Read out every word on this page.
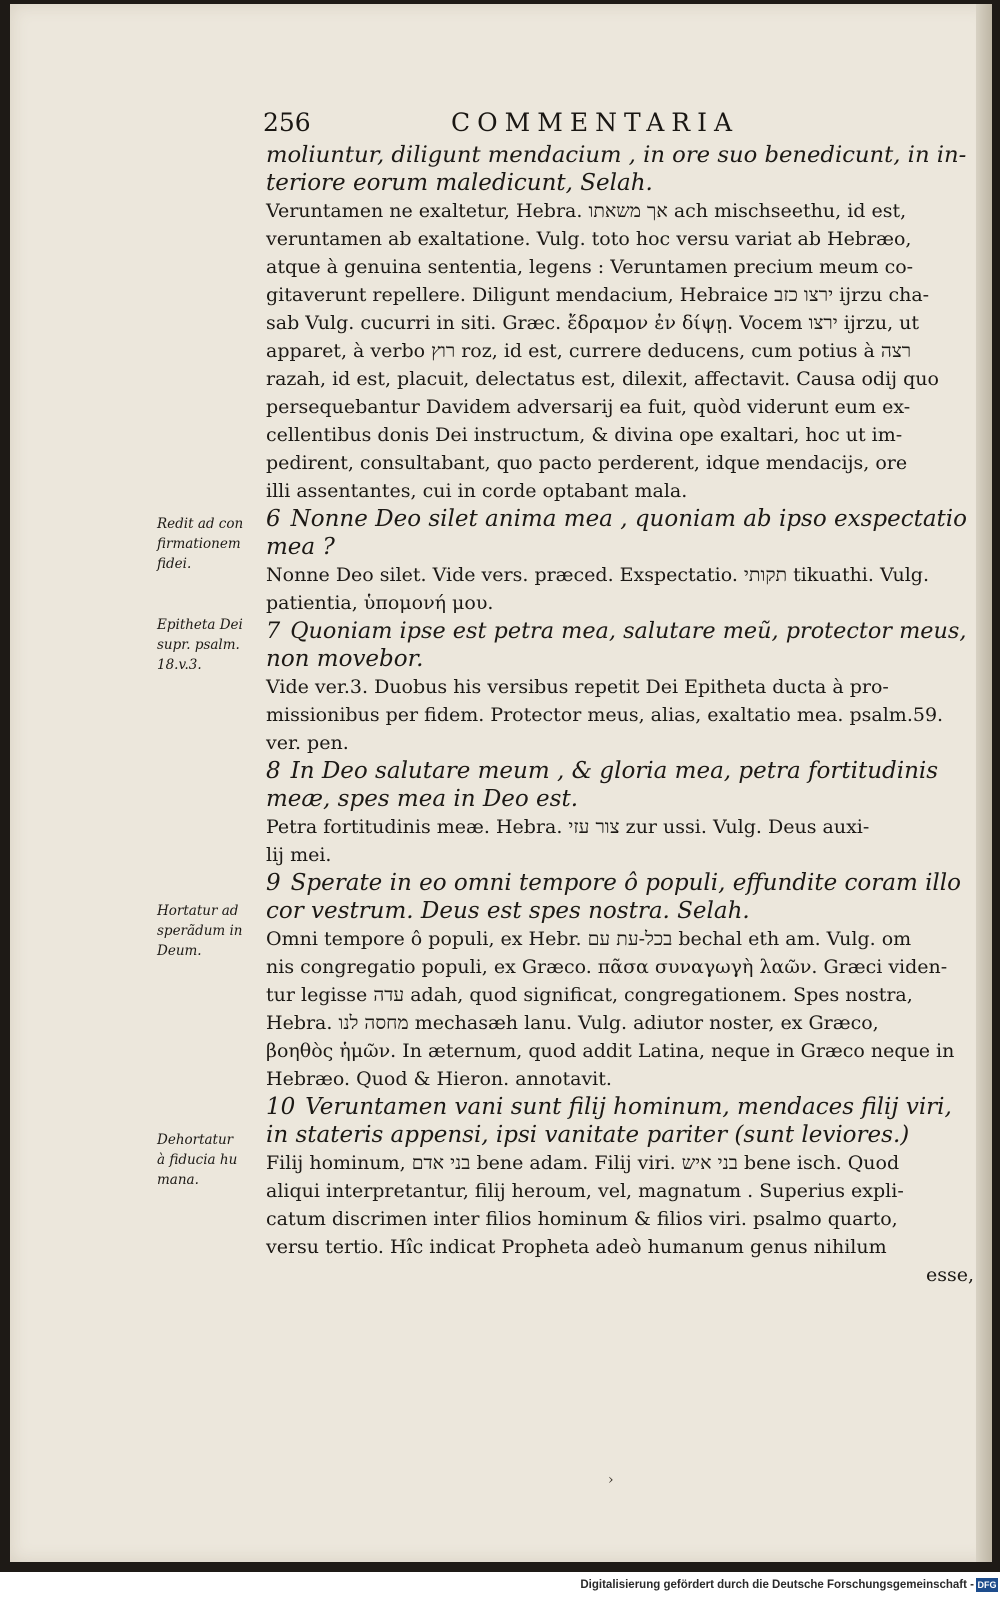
256	COMMENTARIA
Redit ad con
firmationem
fidei.
Epitheta Dei
supr. psalm.
18.v.3.
Hortatur ad
sperãdum in
Deum.
Dehortatur
à fiducia hu
mana.
moliuntur, diligunt mendacium , in ore suo benedicunt, in in-
teriore eorum maledicunt, Selah.
Veruntamen ne exaltetur, Hebra. אך משאתו ach mischseethu, id est,
veruntamen ab exaltatione. Vulg. toto hoc versu variat ab Hebræo,
atque à genuina sententia, legens : Veruntamen precium meum co-
gitaverunt repellere. Diligunt mendacium, Hebraice ירצו כזב ijrzu cha-
sab Vulg. cucurri in siti. Græc. ἔδραμον ἐν δίψῃ. Vocem ירצו ijrzu, ut
apparet, à verbo רוץ roz, id est, currere deducens, cum potius à רצה
razah, id est, placuit, delectatus est, dilexit, affectavit. Causa odij quo
persequebantur Davidem adversarij ea fuit, quòd viderunt eum ex-
cellentibus donis Dei instructum, & divina ope exaltari, hoc ut im-
pedirent, consultabant, quo pacto perderent, idque mendacijs, ore
illi assentantes, cui in corde optabant mala.
6 Nonne Deo silet anima mea , quoniam ab ipso exspectatio
mea ?
Nonne Deo silet. Vide vers. præced. Exspectatio. תקותי tikuathi. Vulg.
patientia, ὑπομονή μου.
7 Quoniam ipse est petra mea, salutare meũ, protector meus,
non movebor.
Vide ver.3. Duobus his versibus repetit Dei Epitheta ducta à pro-
missionibus per fidem. Protector meus, alias, exaltatio mea. psalm.59.
ver. pen.
8 In Deo salutare meum , & gloria mea, petra fortitudinis
meæ, spes mea in Deo est.
Petra fortitudinis meæ. Hebra. צור עזי zur ussi. Vulg. Deus auxi-
lij mei.
9 Sperate in eo omni tempore ô populi, effundite coram illo
cor vestrum. Deus est spes nostra. Selah.
Omni tempore ô populi, ex Hebr. בכל-עת עם bechal eth am. Vulg. om
nis congregatio populi, ex Græco. πᾶσα συναγωγὴ λαῶν. Græci viden-
tur legisse עדה adah, quod significat, congregationem. Spes nostra,
Hebra. מחסה לנו mechasæh lanu. Vulg. adiutor noster, ex Græco,
βοηθὸς ἡμῶν. In æternum, quod addit Latina, neque in Græco neque in
Hebræo. Quod & Hieron. annotavit.
10 Veruntamen vani sunt filij hominum, mendaces filij viri,
in stateris appensi, ipsi vanitate pariter (sunt leviores.)
Filij hominum, בני אדם bene adam. Filij viri. בני איש bene isch. Quod
aliqui interpretantur, filij heroum, vel, magnatum . Superius expli-
catum discrimen inter filios hominum & filios viri. psalmo quarto,
versu tertio. Hîc indicat Propheta adeò humanum genus nihilum
esse,
›
Digitalisierung gefördert durch die Deutsche Forschungsgemeinschaft - DFG
